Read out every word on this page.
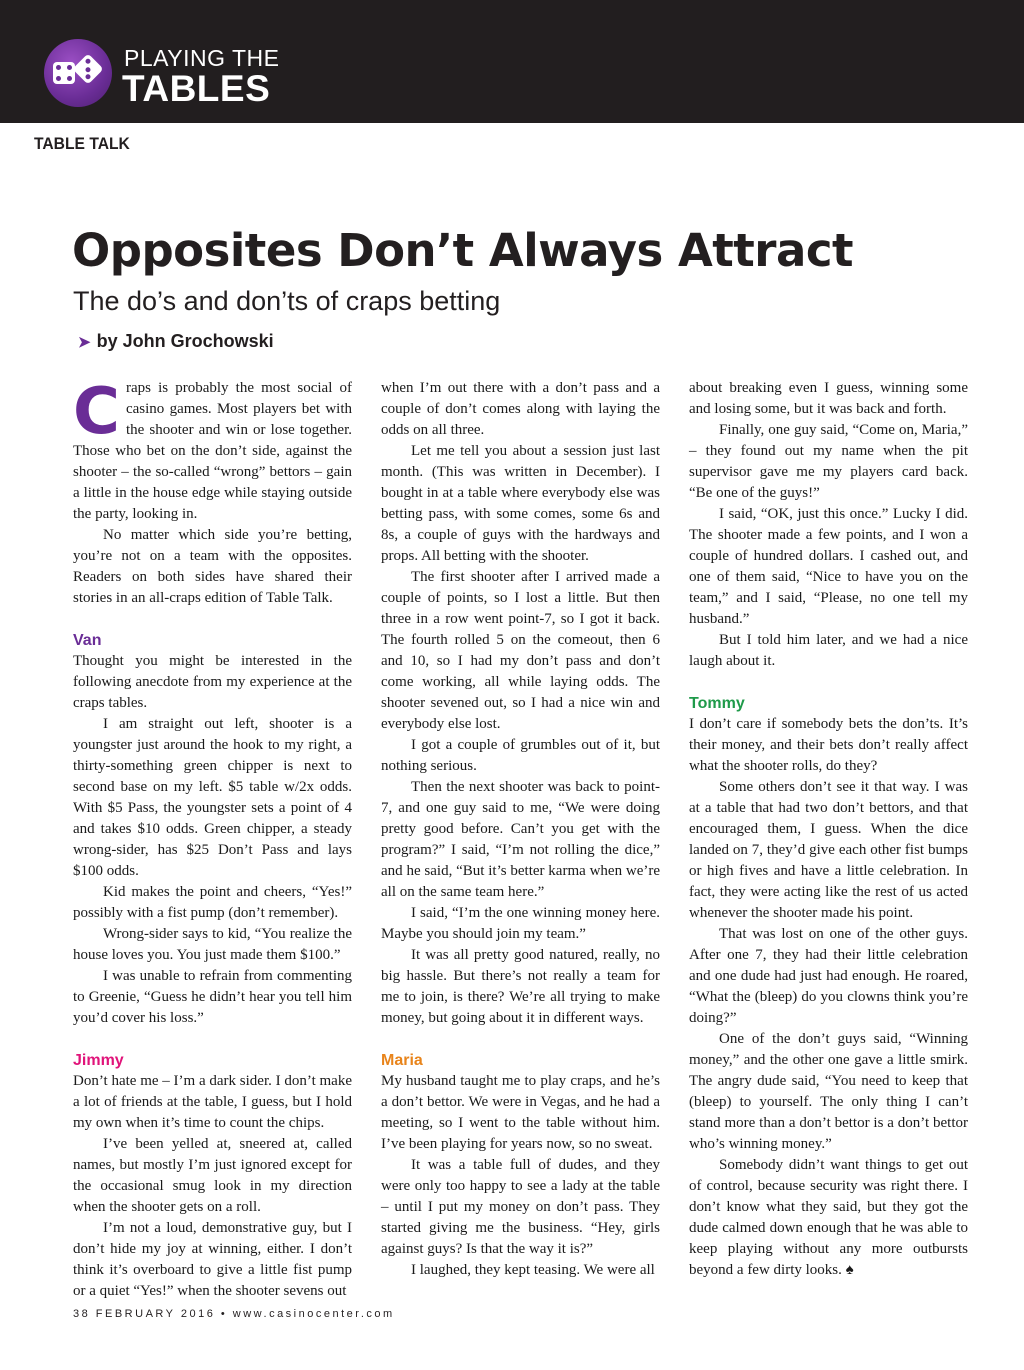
PLAYING THE
TABLES
TABLE TALK
Opposites Don’t Always Attract
The do’s and don’ts of craps betting
➤ by John Grochowski

Craps is probably the most social of casino games. Most players bet with the shooter and win or lose together. Those who bet on the don’t side, against the shooter – the so-called “wrong” bettors – gain a little in the house edge while staying outside the party, looking in.

No matter which side you’re betting, you’re not on a team with the opposites. Readers on both sides have shared their stories in an all-craps edition of Table Talk.

Van

Thought you might be interested in the following anecdote from my experience at the craps tables.

I am straight out left, shooter is a youngster just around the hook to my right, a thirty-something green chipper is next to second base on my left. $5 table w/2x odds. With $5 Pass, the youngster sets a point of 4 and takes $10 odds. Green chipper, a steady wrong-sider, has $25 Don’t Pass and lays $100 odds.

Kid makes the point and cheers, “Yes!” possibly with a fist pump (don’t remember).

Wrong-sider says to kid, “You realize the house loves you. You just made them $100.”

I was unable to refrain from commenting to Greenie, “Guess he didn’t hear you tell him you’d cover his loss.”

Jimmy

Don’t hate me – I’m a dark sider. I don’t make a lot of friends at the table, I guess, but I hold my own when it’s time to count the chips.

I’ve been yelled at, sneered at, called names, but mostly I’m just ignored except for the occasional smug look in my direction when the shooter gets on a roll.

I’m not a loud, demonstrative guy, but I don’t hide my joy at winning, either. I don’t think it’s overboard to give a little fist pump or a quiet “Yes!” when the shooter sevens out

when I’m out there with a don’t pass and a couple of don’t comes along with laying the odds on all three.

Let me tell you about a session just last month. (This was written in December). I bought in at a table where everybody else was betting pass, with some comes, some 6s and 8s, a couple of guys with the hardways and props. All betting with the shooter.

The first shooter after I arrived made a couple of points, so I lost a little. But then three in a row went point-7, so I got it back. The fourth rolled 5 on the comeout, then 6 and 10, so I had my don’t pass and don’t come working, all while laying odds. The shooter sevened out, so I had a nice win and everybody else lost.

I got a couple of grumbles out of it, but nothing serious.

Then the next shooter was back to point-7, and one guy said to me, “We were doing pretty good before. Can’t you get with the program?” I said, “I’m not rolling the dice,” and he said, “But it’s better karma when we’re all on the same team here.”

I said, “I’m the one winning money here. Maybe you should join my team.”

It was all pretty good natured, really, no big hassle. But there’s not really a team for me to join, is there? We’re all trying to make money, but going about it in different ways.

Maria

My husband taught me to play craps, and he’s a don’t bettor. We were in Vegas, and he had a meeting, so I went to the table without him. I’ve been playing for years now, so no sweat.

It was a table full of dudes, and they were only too happy to see a lady at the table – until I put my money on don’t pass. They started giving me the business. “Hey, girls against guys? Is that the way it is?”

I laughed, they kept teasing. We were all

about breaking even I guess, winning some and losing some, but it was back and forth.

Finally, one guy said, “Come on, Maria,” – they found out my name when the pit supervisor gave me my players card back. “Be one of the guys!”

I said, “OK, just this once.” Lucky I did. The shooter made a few points, and I won a couple of hundred dollars. I cashed out, and one of them said, “Nice to have you on the team,” and I said, “Please, no one tell my husband.”

But I told him later, and we had a nice laugh about it.

Tommy

I don’t care if somebody bets the don’ts. It’s their money, and their bets don’t really affect what the shooter rolls, do they?

Some others don’t see it that way. I was at a table that had two don’t bettors, and that encouraged them, I guess. When the dice landed on 7, they’d give each other fist bumps or high fives and have a little celebration. In fact, they were acting like the rest of us acted whenever the shooter made his point.

That was lost on one of the other guys. After one 7, they had their little celebration and one dude had just had enough. He roared, “What the (bleep) do you clowns think you’re doing?”

One of the don’t guys said, “Winning money,” and the other one gave a little smirk. The angry dude said, “You need to keep that (bleep) to yourself. The only thing I can’t stand more than a don’t bettor is a don’t bettor who’s winning money.”

Somebody didn’t want things to get out of control, because security was right there. I don’t know what they said, but they got the dude calmed down enough that he was able to keep playing without any more outbursts beyond a few dirty looks. ♠

38 FEBRUARY 2016 • www.casinocenter.com
